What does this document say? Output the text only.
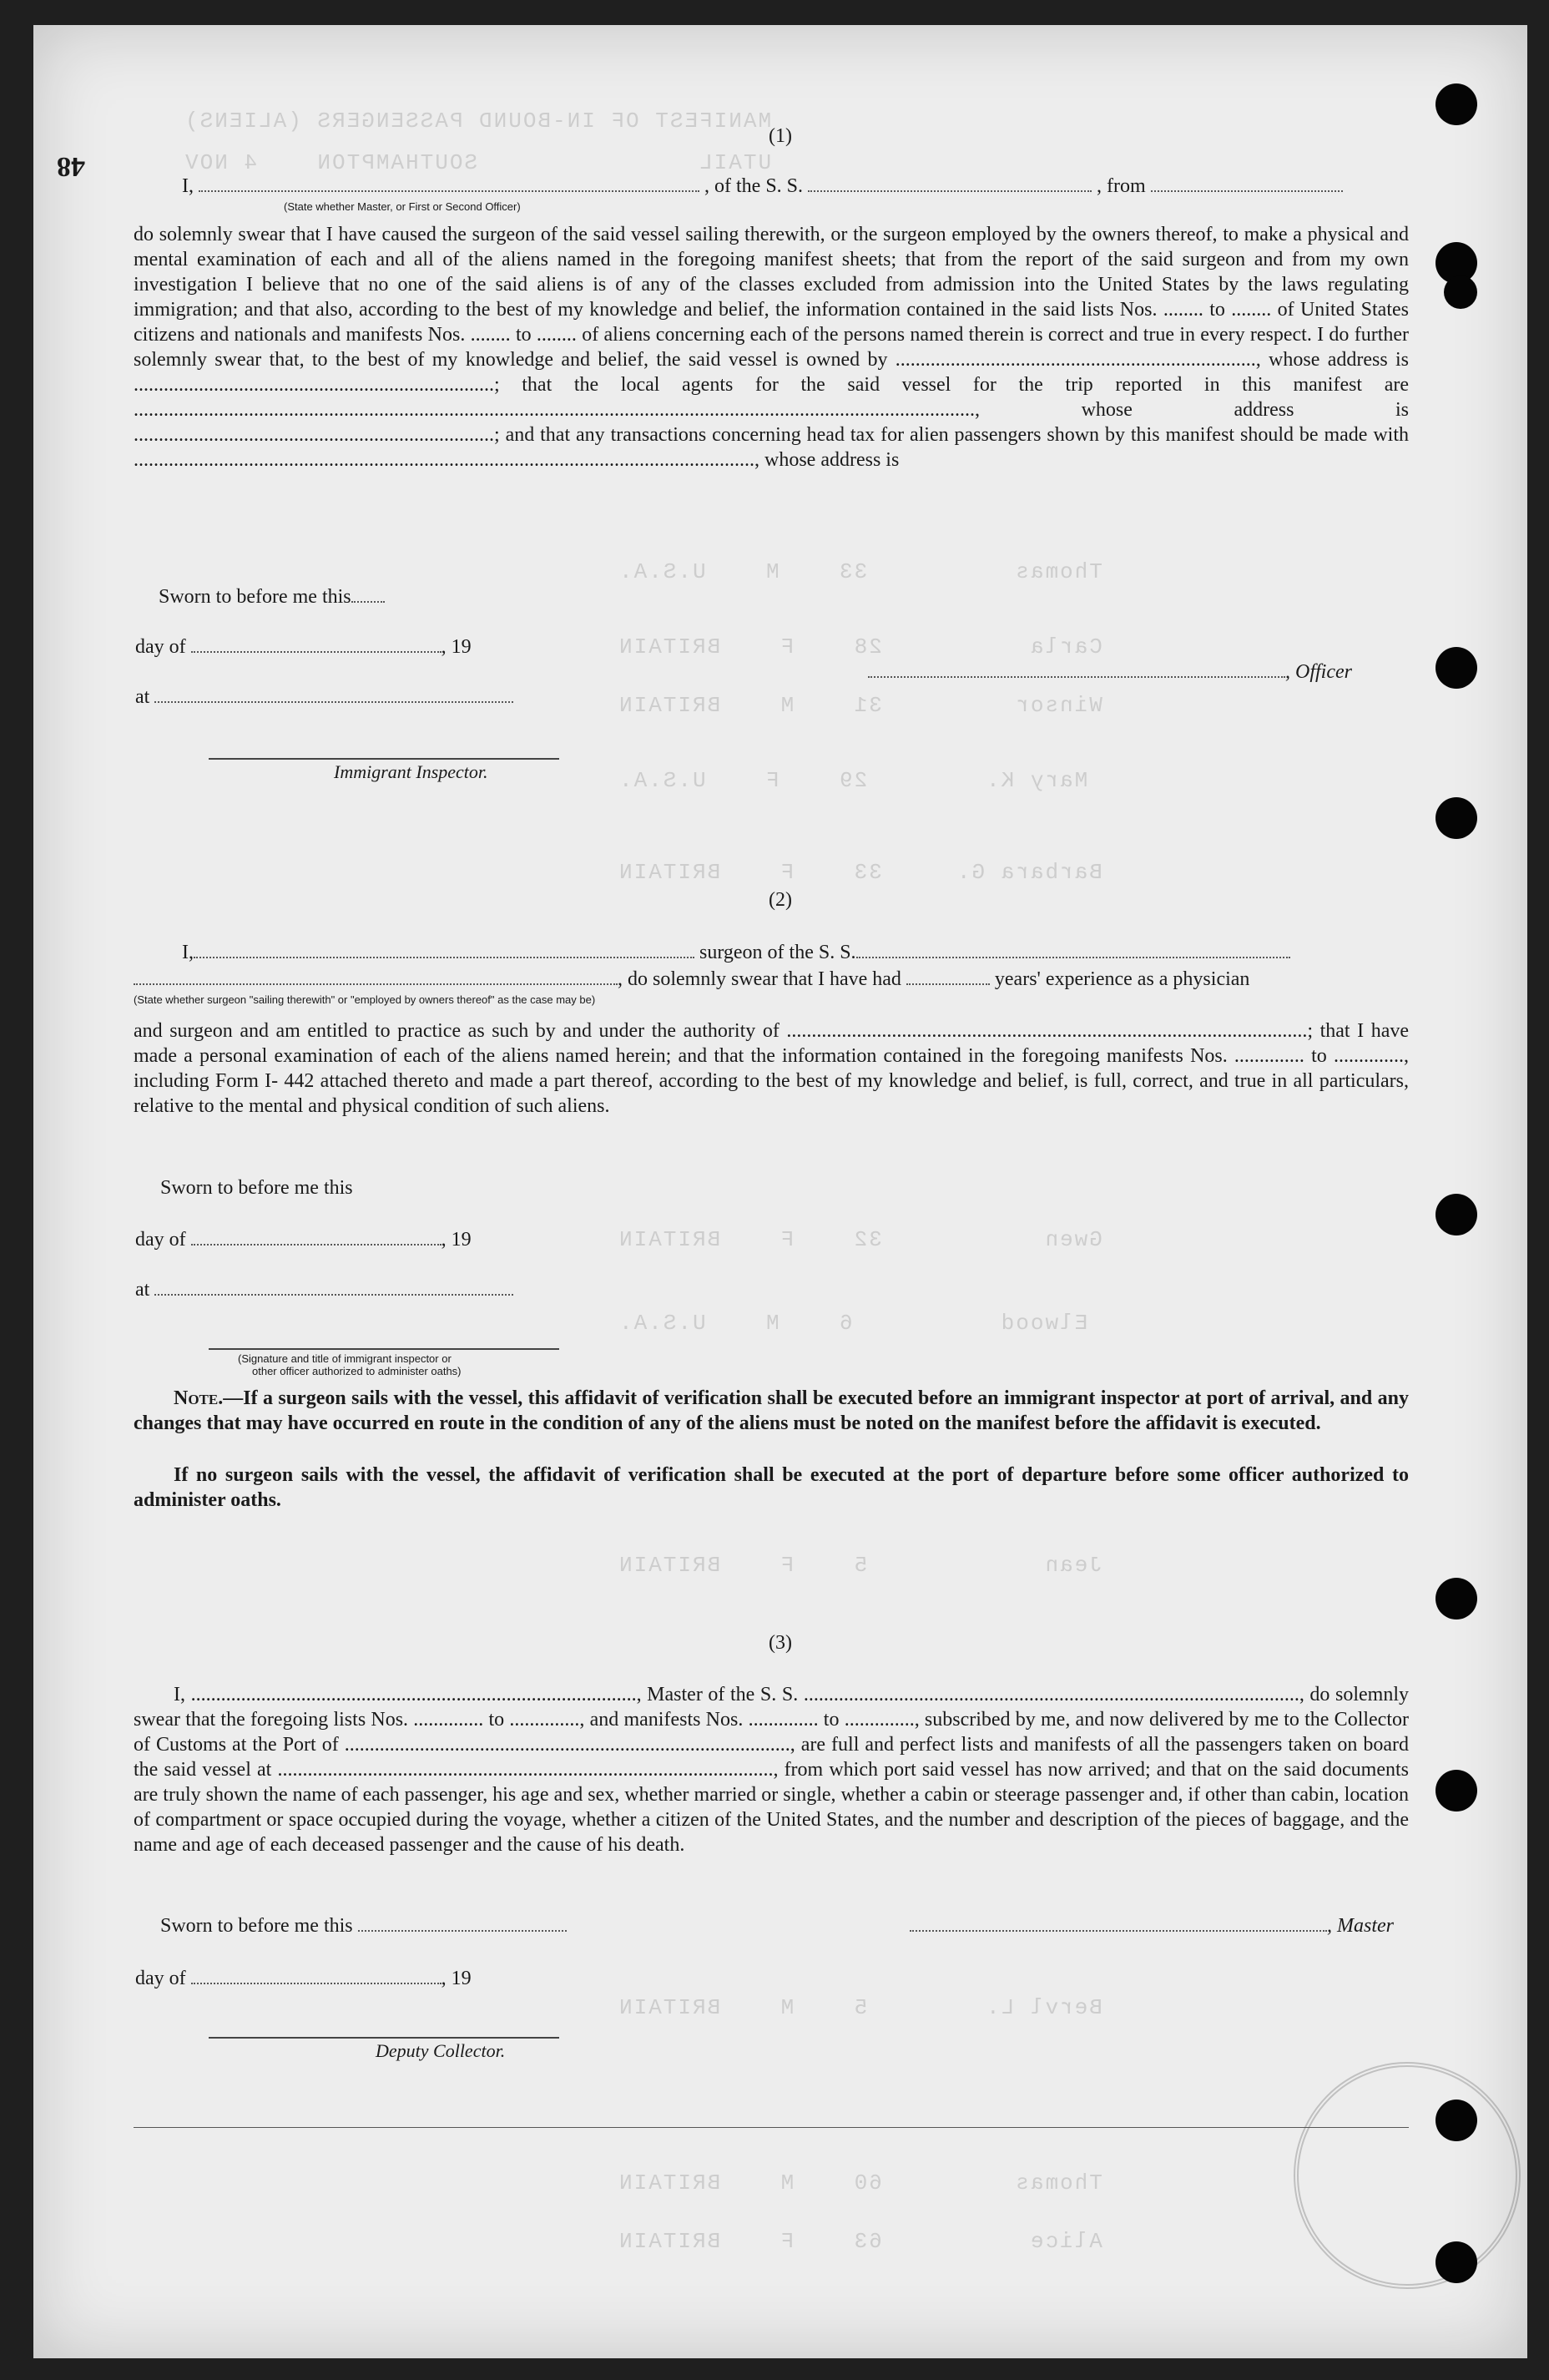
MANIFEST OF IN-BOUND PASSENGERS (ALIENS)
UTAIL               SOUTHAMPTON    4 NOV
Thomas          33    M    U.S.A.
Carla          28    F    BRITAIN
Winsor         31    M    BRITAIN
Mary K.        29    F    U.S.A.
Barbara G.     33    F    BRITAIN
Gwen           32    F    BRITAIN
Elwood          6    M    U.S.A.
Jean            5    F    BRITAIN
Bervl L.        5    M    BRITAIN
Thomas         60    M    BRITAIN
Alice          63    F    BRITAIN
48
(1)
I,	, of the S. S.	, from
(State whether Master, or First or Second Officer)
do solemnly swear that I have caused the surgeon of the said vessel sailing therewith, or the surgeon employed by the owners thereof, to make a physical and mental examination of each and all of the aliens named in the foregoing manifest sheets; that from the report of the said surgeon and from my own investigation I believe that no one of the said aliens is of any of the classes excluded from admission into the United States by the laws regulating immigration; and that also, according to the best of my knowledge and belief, the information contained in the said lists Nos. ........ to ........ of United States citizens and nationals and manifests Nos. ........ to ........ of aliens concerning each of the persons named therein is correct and true in every respect. I do further solemnly swear that, to the best of my knowledge and belief, the said vessel is owned by ........................................................................, whose address is ........................................................................; that the local agents for the said vessel for the trip reported in this manifest are ........................................................................................................................................................................, whose address is ........................................................................; and that any transactions concerning head tax for alien passengers shown by this manifest should be made with ............................................................................................................................, whose address is
Sworn to before me this
day of	, 19
at
, Officer
Immigrant Inspector.
(2)
I,	surgeon of the S. S.
, do solemnly swear that I have had	years' experience as a physician
(State whether surgeon "sailing therewith" or "employed by owners thereof" as the case may be)
and surgeon and am entitled to practice as such by and under the authority of ........................................................................................................; that I have made a personal examination of each of the aliens named herein; and that the information contained in the foregoing manifests Nos. .............. to .............., including Form I- 442 attached thereto and made a part thereof, according to the best of my knowledge and belief, is full, correct, and true in all particulars, relative to the mental and physical condition of such aliens.
Sworn to before me this
day of	, 19
at
(Signature and title of immigrant inspector or
other officer authorized to administer oaths)
Note.—If a surgeon sails with the vessel, this affidavit of verification shall be executed before an immigrant inspector at port of arrival, and any changes that may have occurred en route in the condition of any of the aliens must be noted on the manifest before the affidavit is executed.
If no surgeon sails with the vessel, the affidavit of verification shall be executed at the port of departure before some officer authorized to administer oaths.
(3)
I, ........................................................................................., Master of the S. S. ..................................................................................................., do solemnly swear that the foregoing lists Nos. .............. to .............., and manifests Nos. .............. to .............., subscribed by me, and now delivered by me to the Collector of Customs at the Port of ........................................................................................., are full and perfect lists and manifests of all the passengers taken on board the said vessel at ..................................................................................................., from which port said vessel has now arrived; and that on the said documents are truly shown the name of each passenger, his age and sex, whether married or single, whether a cabin or steerage passenger and, if other than cabin, location of compartment or space occupied during the voyage, whether a citizen of the United States, and the number and description of the pieces of baggage, and the name and age of each deceased passenger and the cause of his death.
Sworn to before me this	, Master
day of	, 19
Deputy Collector.
